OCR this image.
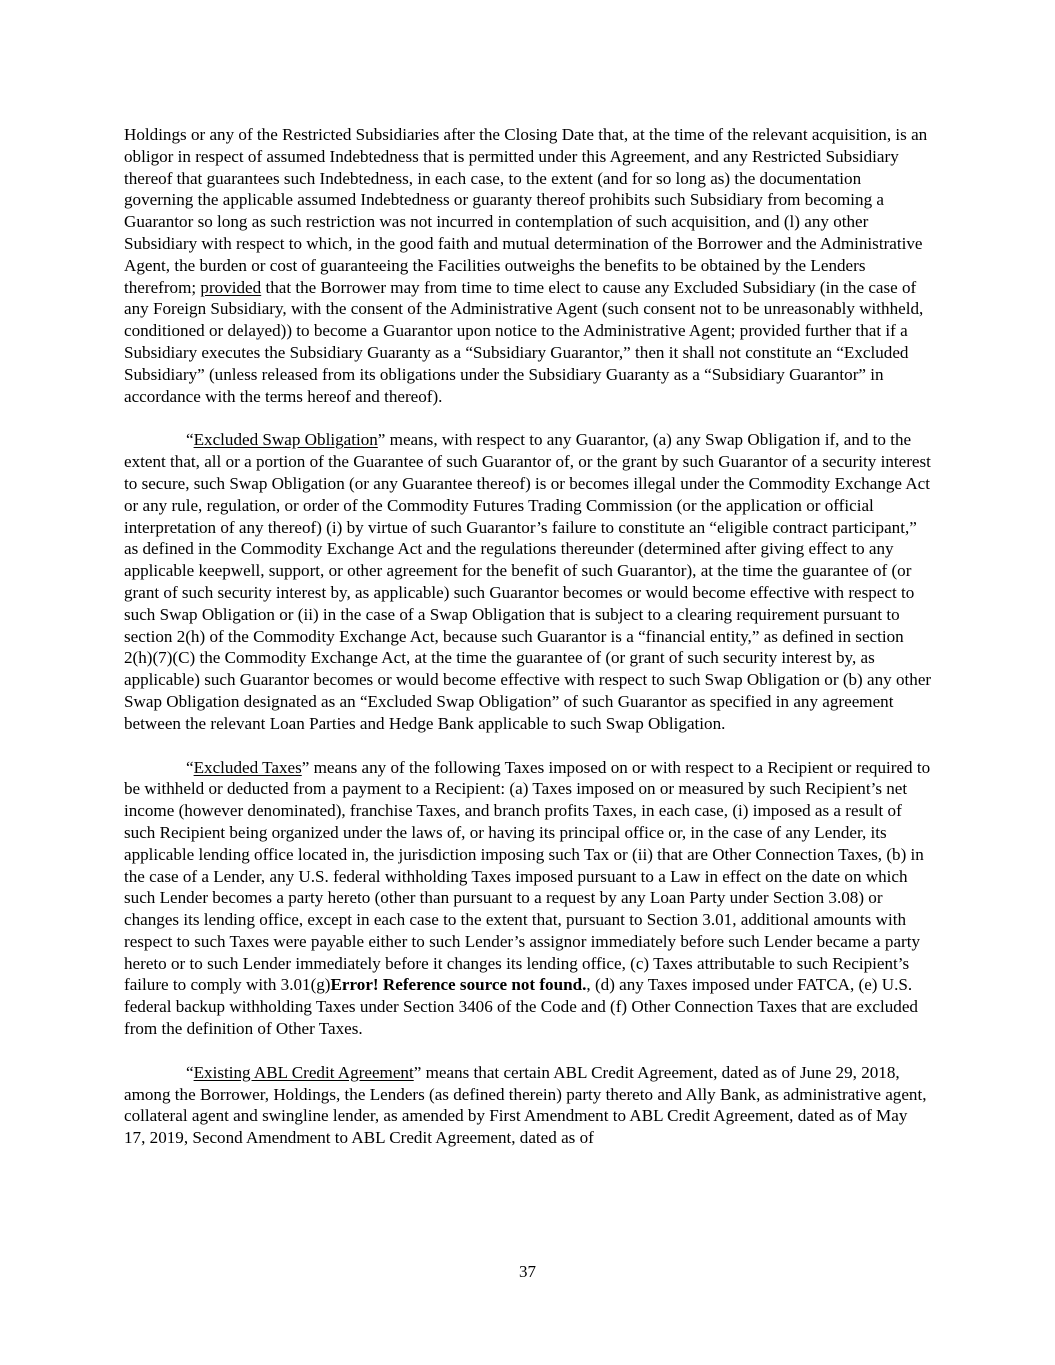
Holdings or any of the Restricted Subsidiaries after the Closing Date that, at the time of the relevant acquisition, is an obligor in respect of assumed Indebtedness that is permitted under this Agreement, and any Restricted Subsidiary thereof that guarantees such Indebtedness, in each case, to the extent (and for so long as) the documentation governing the applicable assumed Indebtedness or guaranty thereof prohibits such Subsidiary from becoming a Guarantor so long as such restriction was not incurred in contemplation of such acquisition, and (l) any other Subsidiary with respect to which, in the good faith and mutual determination of the Borrower and the Administrative Agent, the burden or cost of guaranteeing the Facilities outweighs the benefits to be obtained by the Lenders therefrom; provided that the Borrower may from time to time elect to cause any Excluded Subsidiary (in the case of any Foreign Subsidiary, with the consent of the Administrative Agent (such consent not to be unreasonably withheld, conditioned or delayed)) to become a Guarantor upon notice to the Administrative Agent; provided further that if a Subsidiary executes the Subsidiary Guaranty as a “Subsidiary Guarantor,” then it shall not constitute an “Excluded Subsidiary” (unless released from its obligations under the Subsidiary Guaranty as a “Subsidiary Guarantor” in accordance with the terms hereof and thereof).

“Excluded Swap Obligation” means, with respect to any Guarantor, (a) any Swap Obligation if, and to the extent that, all or a portion of the Guarantee of such Guarantor of, or the grant by such Guarantor of a security interest to secure, such Swap Obligation (or any Guarantee thereof) is or becomes illegal under the Commodity Exchange Act or any rule, regulation, or order of the Commodity Futures Trading Commission (or the application or official interpretation of any thereof) (i) by virtue of such Guarantor’s failure to constitute an “eligible contract participant,” as defined in the Commodity Exchange Act and the regulations thereunder (determined after giving effect to any applicable keepwell, support, or other agreement for the benefit of such Guarantor), at the time the guarantee of (or grant of such security interest by, as applicable) such Guarantor becomes or would become effective with respect to such Swap Obligation or (ii) in the case of a Swap Obligation that is subject to a clearing requirement pursuant to section 2(h) of the Commodity Exchange Act, because such Guarantor is a “financial entity,” as defined in section 2(h)(7)(C) the Commodity Exchange Act, at the time the guarantee of (or grant of such security interest by, as applicable) such Guarantor becomes or would become effective with respect to such Swap Obligation or (b) any other Swap Obligation designated as an “Excluded Swap Obligation” of such Guarantor as specified in any agreement between the relevant Loan Parties and Hedge Bank applicable to such Swap Obligation.

“Excluded Taxes” means any of the following Taxes imposed on or with respect to a Recipient or required to be withheld or deducted from a payment to a Recipient: (a) Taxes imposed on or measured by such Recipient’s net income (however denominated), franchise Taxes, and branch profits Taxes, in each case, (i) imposed as a result of such Recipient being organized under the laws of, or having its principal office or, in the case of any Lender, its applicable lending office located in, the jurisdiction imposing such Tax or (ii) that are Other Connection Taxes, (b) in the case of a Lender, any U.S. federal withholding Taxes imposed pursuant to a Law in effect on the date on which such Lender becomes a party hereto (other than pursuant to a request by any Loan Party under Section 3.08) or changes its lending office, except in each case to the extent that, pursuant to Section 3.01, additional amounts with respect to such Taxes were payable either to such Lender’s assignor immediately before such Lender became a party hereto or to such Lender immediately before it changes its lending office, (c) Taxes attributable to such Recipient’s failure to comply with 3.01(g)Error! Reference source not found., (d) any Taxes imposed under FATCA, (e) U.S. federal backup withholding Taxes under Section 3406 of the Code and (f) Other Connection Taxes that are excluded from the definition of Other Taxes.

“Existing ABL Credit Agreement” means that certain ABL Credit Agreement, dated as of June 29, 2018, among the Borrower, Holdings, the Lenders (as defined therein) party thereto and Ally Bank, as administrative agent, collateral agent and swingline lender, as amended by First Amendment to ABL Credit Agreement, dated as of May 17, 2019, Second Amendment to ABL Credit Agreement, dated as of

37
